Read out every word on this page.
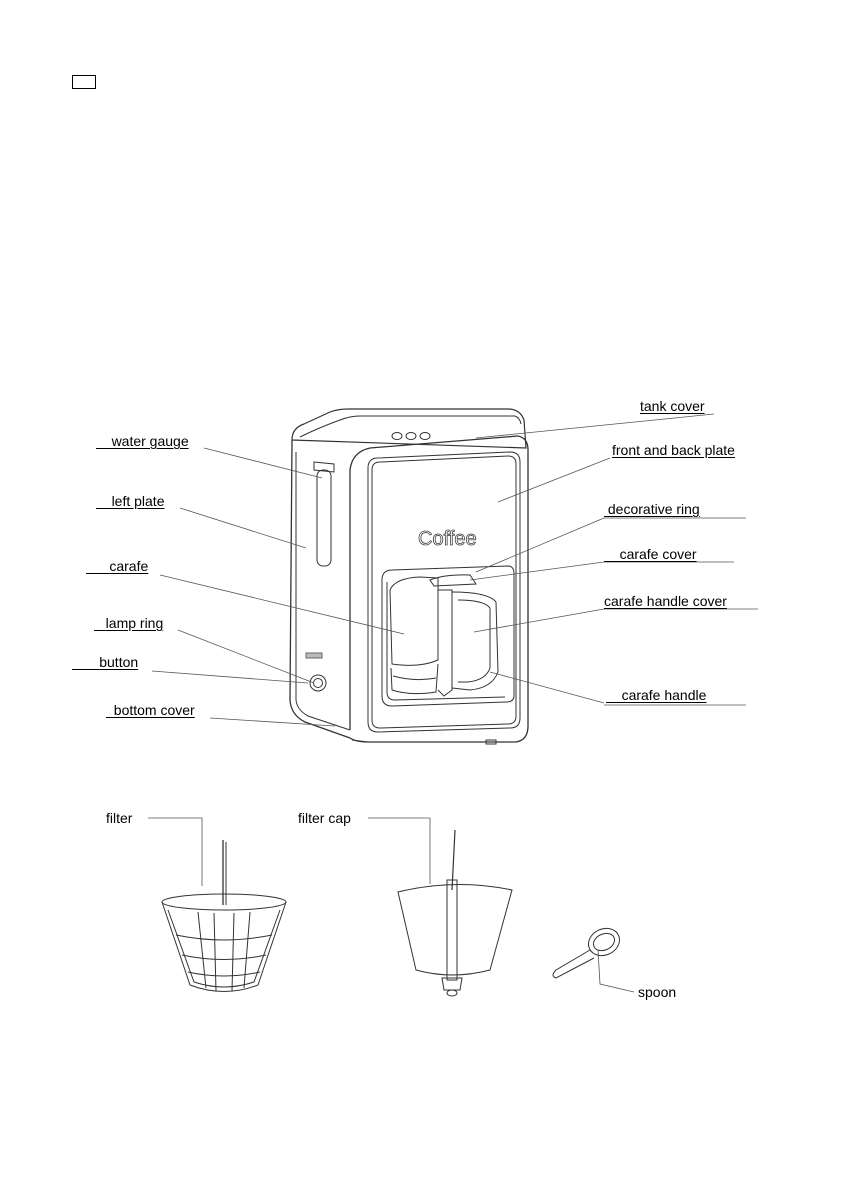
Coffee
tank cover
water gauge
front and back plate
left plate	decorative ring
carafe
carafe cover
carafe handle cover
lamp ring
button
carafe handle
bottom cover
filter	filter cap
spoon
